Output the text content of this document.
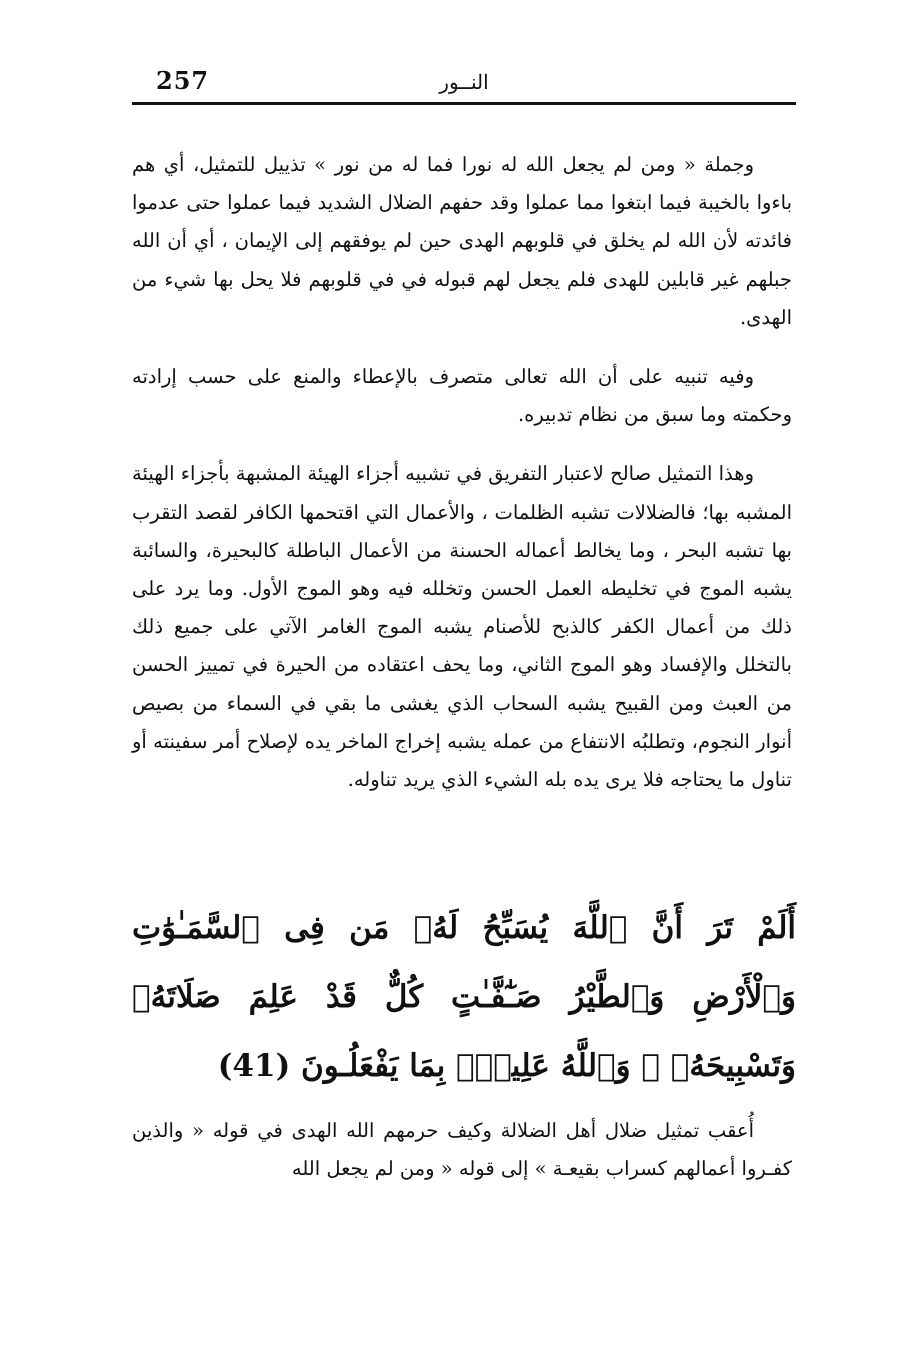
257	النــور

وجملة « ومن لم يجعل الله له نورا فما له من نور » تذييل للتمثيل، أي هم باءوا بالخيبة فيما ابتغوا مما عملوا وقد حفهم الضلال الشديد فيما عملوا حتى عدموا فائدته لأن الله لم يخلق في قلوبهم الهدى حين لم يوفقهم إلى الإيمان ، أي أن الله جبلهم غير قابلين للهدى فلم يجعل لهم قبوله في في قلوبهم فلا يحل بها شيء من الهدى.

وفيه تنبيه على أن الله تعالى متصرف بالإعطاء والمنع على حسب إرادته وحكمته وما سبق من نظام تدبيره.

وهذا التمثيل صالح لاعتبار التفريق في تشبيه أجزاء الهيئة المشبهة بأجزاء الهيئة المشبه بها؛ فالضلالات تشبه الظلمات ، والأعمال التي اقتحمها الكافر لقصد التقرب بها تشبه البحر ، وما يخالط أعماله الحسنة من الأعمال الباطلة كالبحيرة، والسائبة يشبه الموج في تخليطه العمل الحسن وتخلله فيه وهو الموج الأول. وما يرد على ذلك من أعمال الكفر كالذبح للأصنام يشبه الموج الغامر الآتي على جميع ذلك بالتخلل والإفساد وهو الموج الثاني، وما يحف اعتقاده من الحيرة في تمييز الحسن من العبث ومن القبيح يشبه السحاب الذي يغشى ما بقي في السماء من بصيص أنوار النجوم، وتطلبُه الانتفاع من عمله يشبه إخراج الماخر يده لإصلاح أمر سفينته أو تناول ما يحتاجه فلا يرى يده بله الشيء الذي يريد تناوله.

أَلَمْ تَرَ أَنَّ ٱللَّهَ يُسَبِّحُ لَهُۥ مَن فِى ٱلسَّمَـٰوَٰتِ وَٱلْأَرْضِ وَٱلطَّيْرُ صَـٰٓفَّـٰتٍ كُلٌّ قَدْ عَلِمَ صَلَاتَهُۥ وَتَسْبِيحَهُۥ ۗ وَٱللَّهُ عَلِيمٌۢ بِمَا يَفْعَلُـونَ (41)

أُعقب تمثيل ضلال أهل الضلالة وكيف حرمهم الله الهدى في قوله « والذين كفـروا أعمالهم كسراب بقيعـة » إلى قوله « ومن لم يجعل الله
